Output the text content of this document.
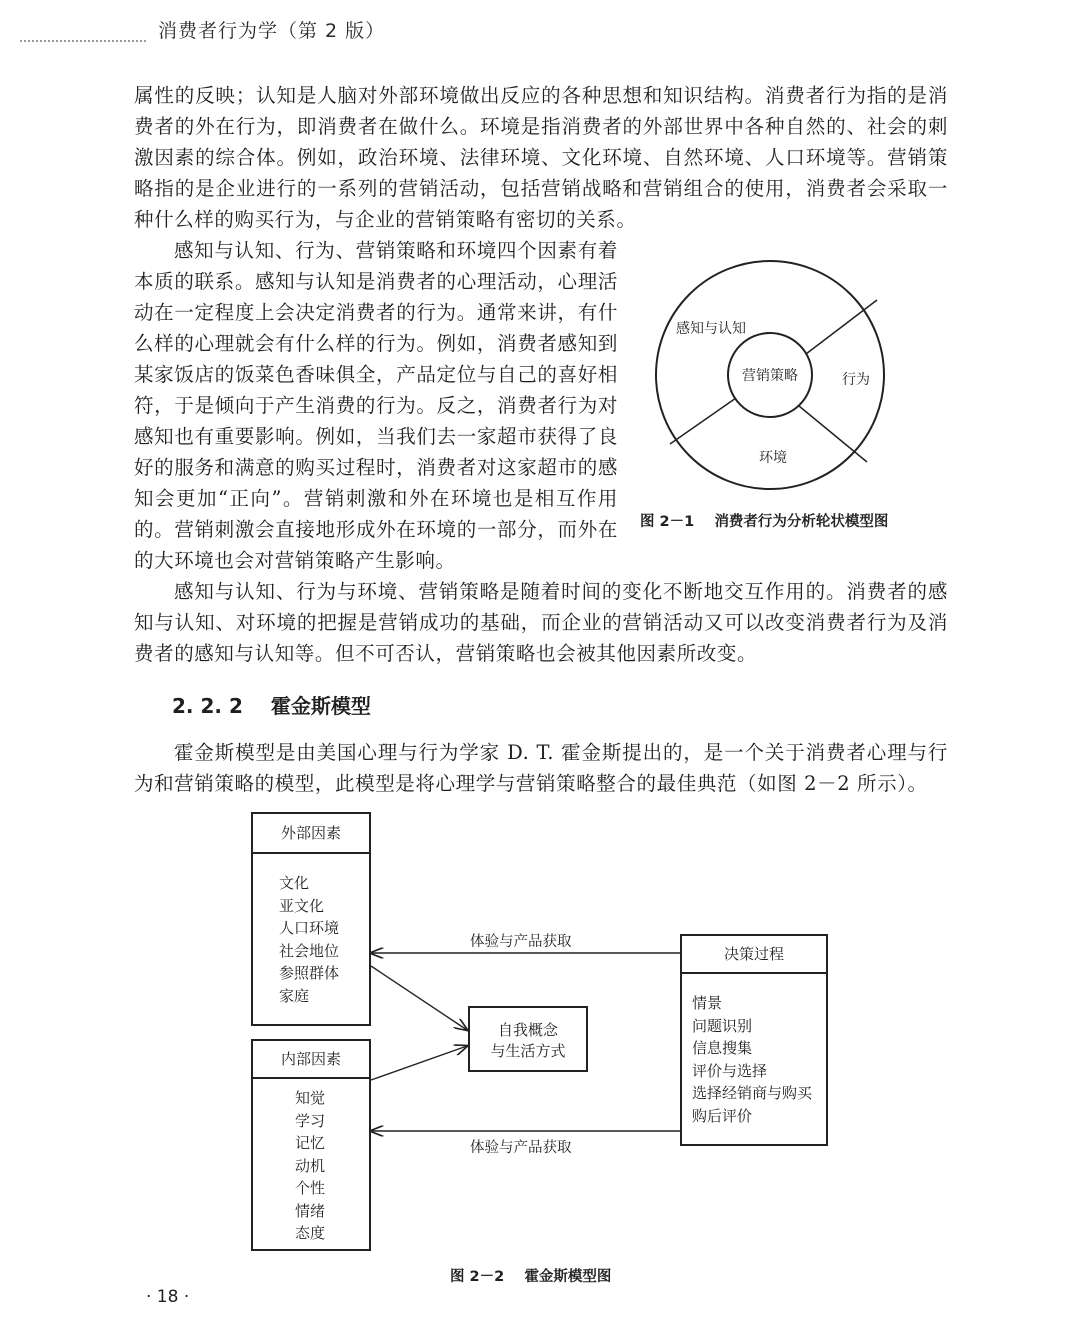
消费者行为学（第 2 版）

属性的反映；认知是人脑对外部环境做出反应的各种思想和知识结构。消费者行为指的是消费者的外在行为，即消费者在做什么。环境是指消费者的外部世界中各种自然的、社会的刺激因素的综合体。例如，政治环境、法律环境、文化环境、自然环境、人口环境等。营销策略指的是企业进行的一系列的营销活动，包括营销战略和营销组合的使用，消费者会采取一种什么样的购买行为，与企业的营销策略有密切的关系。

感知与认知、行为、营销策略和环境四个因素有着本质的联系。感知与认知是消费者的心理活动，心理活动在一定程度上会决定消费者的行为。通常来讲，有什么样的心理就会有什么样的行为。例如，消费者感知到某家饭店的饭菜色香味俱全，产品定位与自己的喜好相符，于是倾向于产生消费的行为。反之，消费者行为对感知也有重要影响。例如，当我们去一家超市获得了良好的服务和满意的购买过程时，消费者对这家超市的感知会更加“正向”。营销刺激和外在环境也是相互作用的。营销刺激会直接地形成外在环境的一部分，而外在的大环境也会对营销策略产生影响。

感知与认知
营销策略	行为
环境
图 2－1 消费者行为分析轮状模型图

感知与认知、行为与环境、营销策略是随着时间的变化不断地交互作用的。消费者的感知与认知、对环境的把握是营销成功的基础，而企业的营销活动又可以改变消费者行为及消费者的感知与认知等。但不可否认，营销策略也会被其他因素所改变。

2. 2. 2 霍金斯模型

霍金斯模型是由美国心理与行为学家 D. T. 霍金斯提出的，是一个关于消费者心理与行为和营销策略的模型，此模型是将心理学与营销策略整合的最佳典范（如图 2－2 所示）。

体验与产品获取
体验与产品获取
外部因素
文化
亚文化
人口环境
社会地位
参照群体
家庭
内部因素
知觉
学习
记忆
动机
个性
情绪
态度
自我概念
与生活方式
决策过程
情景
问题识别
信息搜集
评价与选择
选择经销商与购买
购后评价
图 2－2 霍金斯模型图
· 18 ·
